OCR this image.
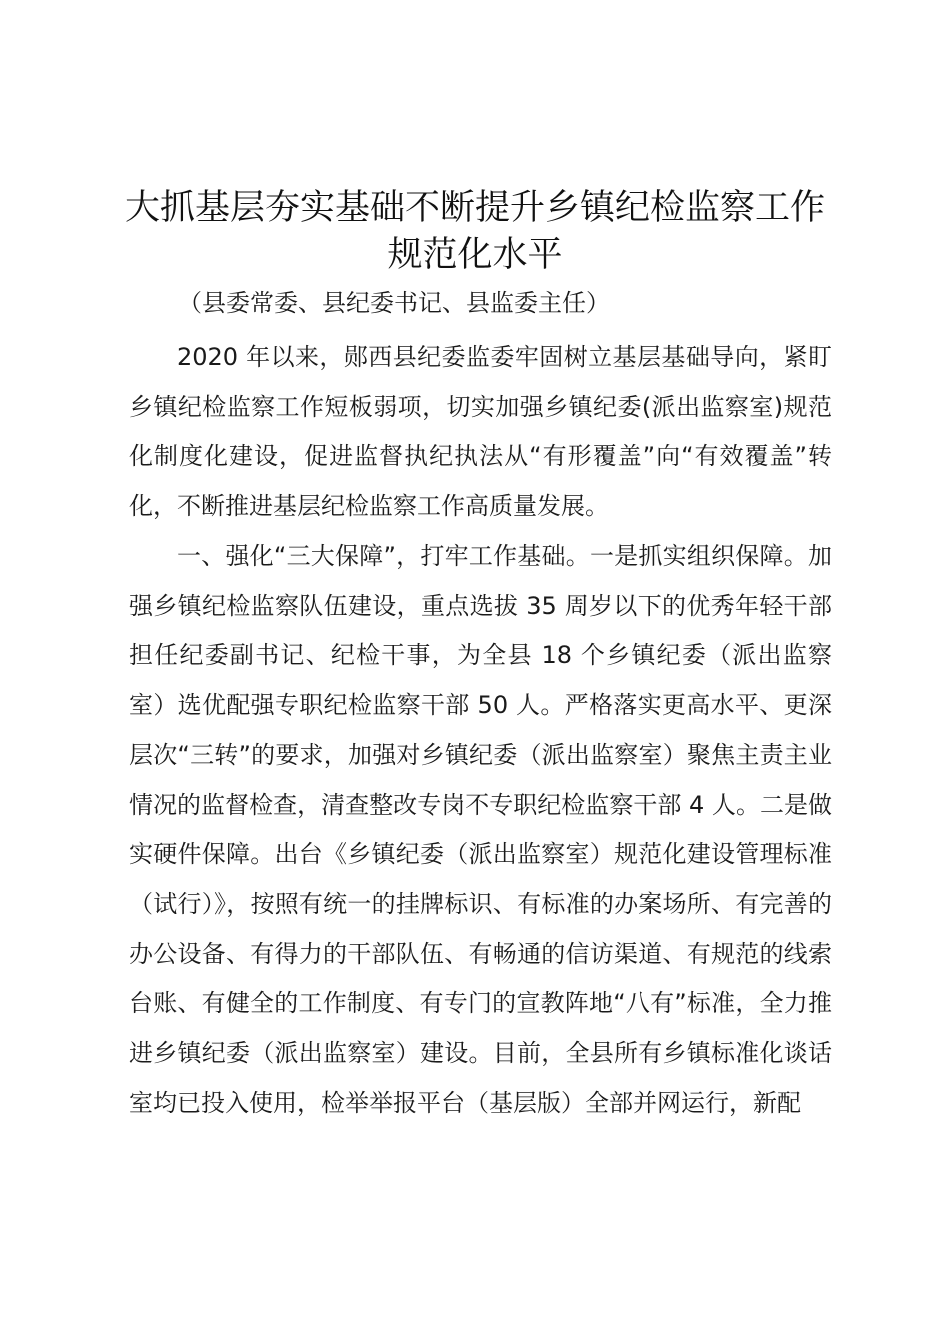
大抓基层夯实基础不断提升乡镇纪检监察工作
规范化水平

（县委常委、县纪委书记、县监委主任）

2020 年以来，郧西县纪委监委牢固树立基层基础导向，紧盯乡镇纪检监察工作短板弱项，切实加强乡镇纪委(派出监察室)规范化制度化建设，促进监督执纪执法从“有形覆盖”向“有效覆盖”转化，不断推进基层纪检监察工作高质量发展。

一、强化“三大保障”，打牢工作基础。一是抓实组织保障。加强乡镇纪检监察队伍建设，重点选拔 35 周岁以下的优秀年轻干部担任纪委副书记、纪检干事，为全县 18 个乡镇纪委（派出监察室）选优配强专职纪检监察干部 50 人。严格落实更高水平、更深层次“三转”的要求，加强对乡镇纪委（派出监察室）聚焦主责主业情况的监督检查，清查整改专岗不专职纪检监察干部 4 人。二是做实硬件保障。出台《乡镇纪委（派出监察室）规范化建设管理标准（试行）》，按照有统一的挂牌标识、有标准的办案场所、有完善的办公设备、有得力的干部队伍、有畅通的信访渠道、有规范的线索台账、有健全的工作制度、有专门的宣教阵地“八有”标准，全力推进乡镇纪委（派出监察室）建设。目前，全县所有乡镇标准化谈话室均已投入使用，检举举报平台（基层版）全部并网运行，新配
